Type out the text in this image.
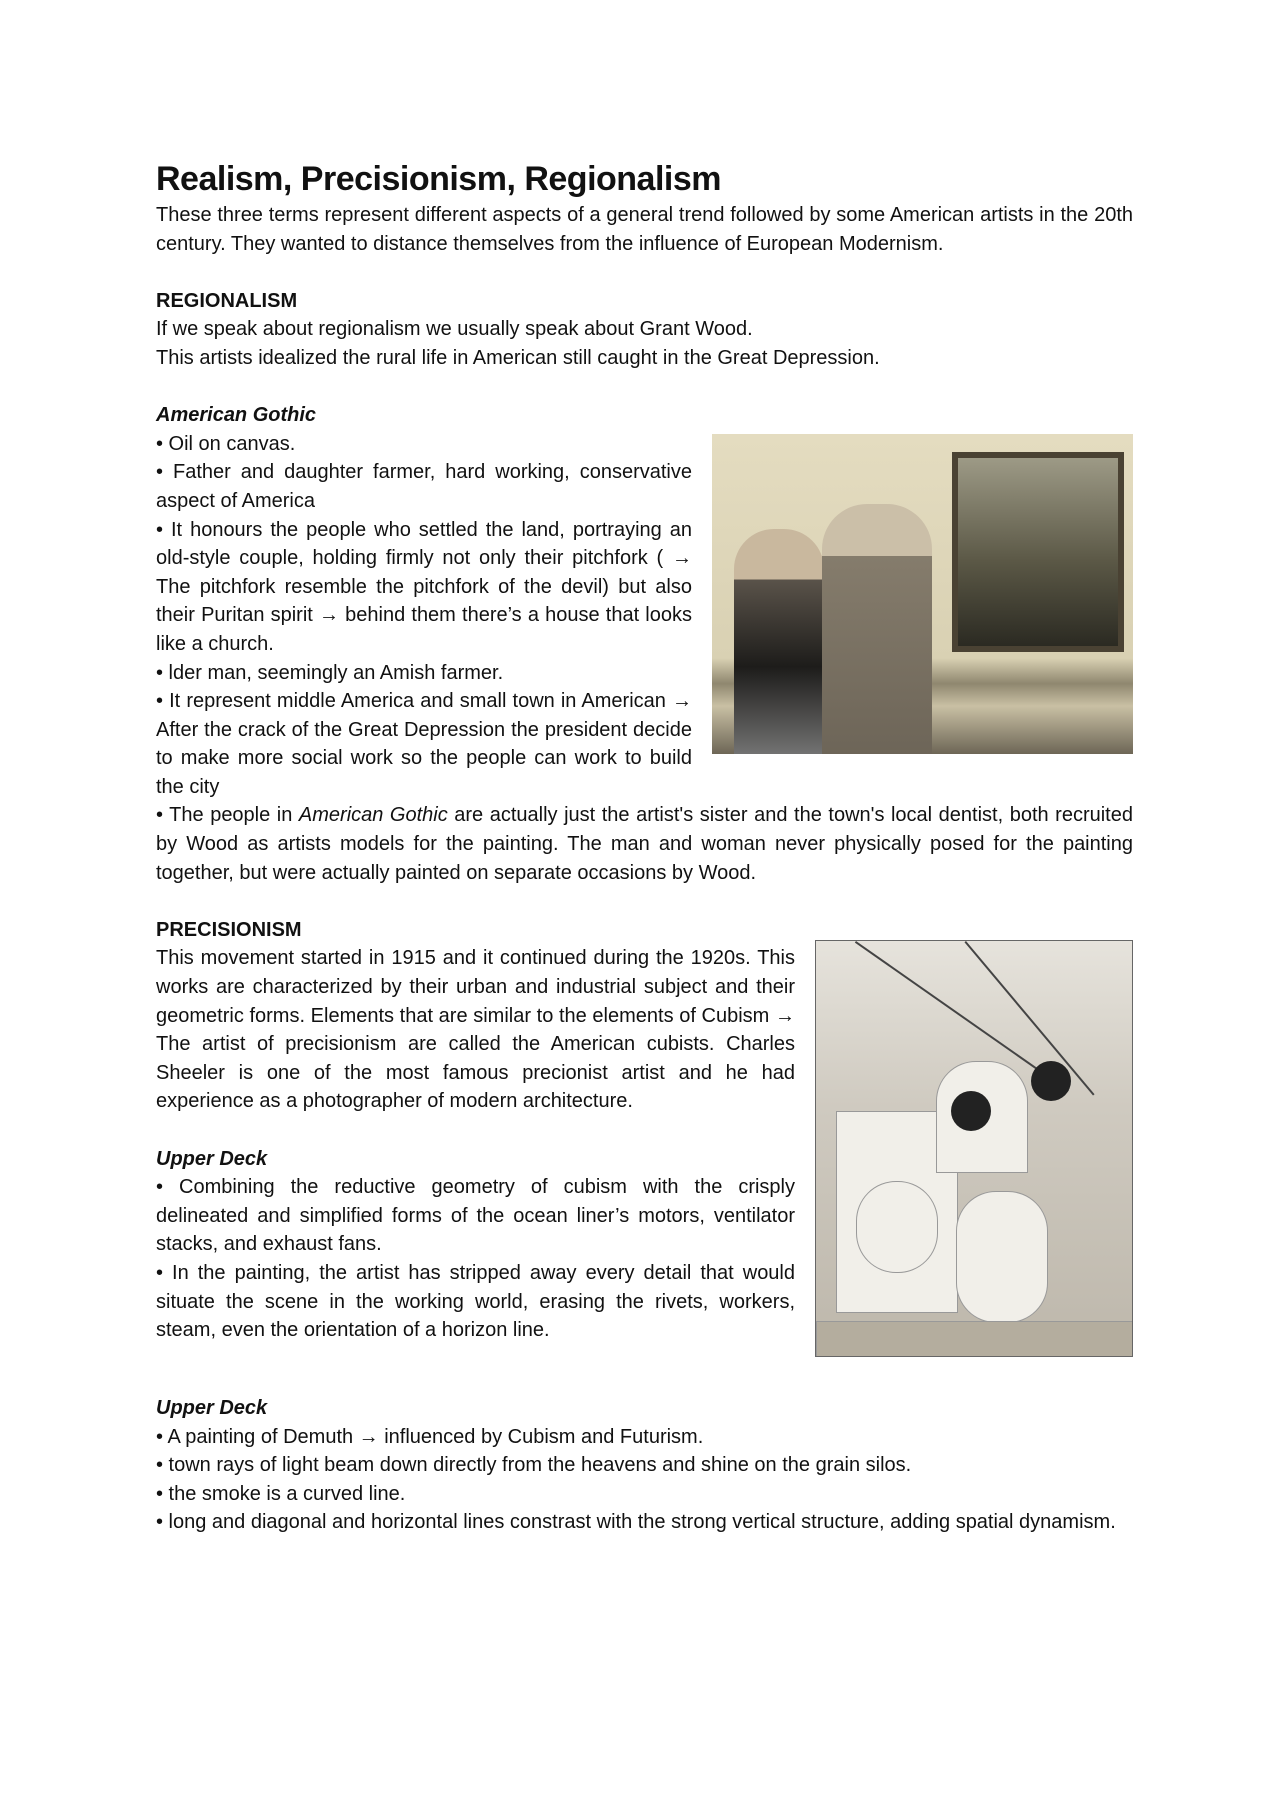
Realism, Precisionism, Regionalism

These three terms represent different aspects of a general trend followed by some American artists in the 20th century. They wanted to distance themselves from the influence of European Modernism.

REGIONALISM

If we speak about regionalism we usually speak about Grant Wood.

This artists idealized the rural life in American still caught in the Great Depression.

American Gothic

• Oil on canvas.

• Father and daughter farmer, hard working, conservative aspect of America

• It honours the people who settled the land, portraying an old-style couple, holding firmly not only their pitchfork ( → The pitchfork resemble the pitchfork of the devil) but also their Puritan spirit → behind them there’s a house that looks like a church.

• lder man, seemingly an Amish farmer.

• It represent middle America and small town in American → After the crack of the Great Depression the president decide to make more social work so the people can work to build the city

• The people in American Gothic are actually just the artist's sister and the town's local dentist, both recruited by Wood as artists models for the painting. The man and woman never physically posed for the painting together, but were actually painted on separate occasions by Wood.

PRECISIONISM

This movement started in 1915 and it continued during the 1920s. This works are characterized by their urban and industrial subject and their geometric forms. Elements that are similar to the elements of Cubism → The artist of precisionism are called the American cubists. Charles Sheeler is one of the most famous precionist artist and he had experience as a photographer of modern architecture.

Upper Deck

• Combining the reductive geometry of cubism with the crisply delineated and simplified forms of the ocean liner’s motors, ventilator stacks, and exhaust fans.

• In the painting, the artist has stripped away every detail that would situate the scene in the working world, erasing the rivets, workers, steam, even the orientation of a horizon line.

Upper Deck

• A painting of Demuth → influenced by Cubism and Futurism.

• town rays of light beam down directly from the heavens and shine on the grain silos.

• the smoke is a curved line.

• long and diagonal and horizontal lines constrast with the strong vertical structure, adding spatial dynamism.
